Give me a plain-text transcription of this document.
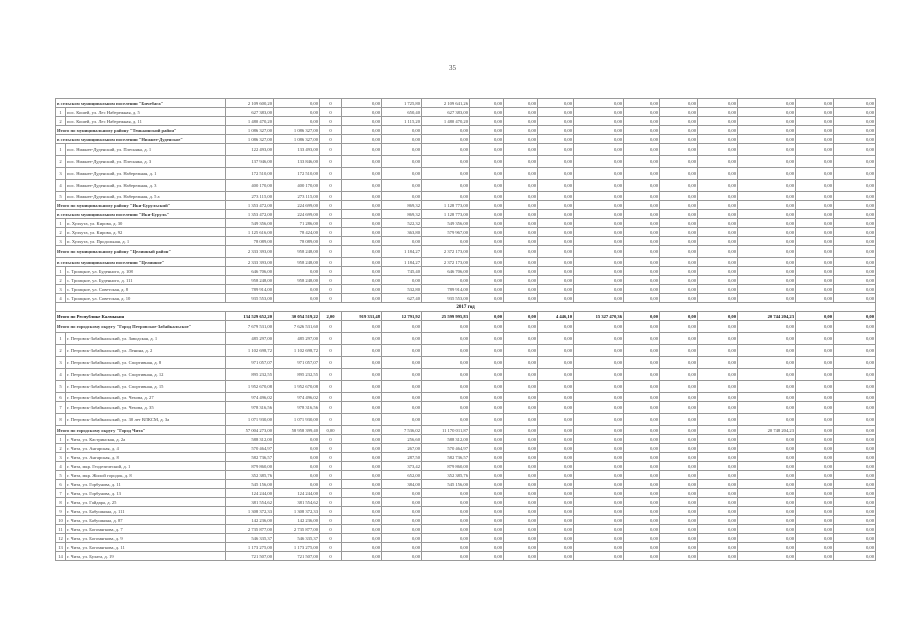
35
в сельском муниципальном поселении "Бичебага"		2 109 600,20	0,00	0	0,00	1 725,80	2 109 641,26	0,00	0,00	0,00	0,00	0,00	0,00	0,00	0,00	0,00	0,00
1	пос. Кошей, ул. Лес Набережная, д. 5	627 383,00	0,00	0	0,00	650,40	627 383,00	0,00	0,00	0,00	0,00	0,00	0,00	0,00	0,00	0,00	0,00
2	пос. Кошей, ул. Лес Набережная, д. 11	1 480 470,20	0,00	0	0,00	1 115,20	1 480 470,20	0,00	0,00	0,00	0,00	0,00	0,00	0,00	0,00	0,00	0,00
Итого по муниципальному району "Тенькинский район"		1 086 327,00	1 086 327,00	0	0,00	0,00	0,00	0,00	0,00	0,00	0,00	0,00	0,00	0,00	0,00	0,00	0,00
в сельском муниципальном поселении "Нижнее-Дуденское"		1 086 327,00	1 086 327,00	0	0,00	0,00	0,00	0,00	0,00	0,00	0,00	0,00	0,00	0,00	0,00	0,00	0,00
1	пос. Нижнее-Дуденский, ул. Плесняка, д. 1	122 493,00	133 493,00	0	0,00	0,00	0,00	0,00	0,00	0,00	0,00	0,00	0,00	0,00	0,00	0,00	0,00
2	пос. Нижнее-Дуденский, ул. Плесняка, д. 3	137 946,00	133 846,00	0	0,00	0,00	0,00	0,00	0,00	0,00	0,00	0,00	0,00	0,00	0,00	0,00	0,00
3	пос. Нижнее-Дуденский, ул. Набережная, д. 1	172 510,00	172 510,00	0	0,00	0,00	0,00	0,00	0,00	0,00	0,00	0,00	0,00	0,00	0,00	0,00	0,00
4	пос. Нижнее-Дуденский, ул. Набережная, д. 3	400 170,00	400 170,00	0	0,00	0,00	0,00	0,00	0,00	0,00	0,00	0,00	0,00	0,00	0,00	0,00	0,00
5	пос. Нижнее-Дуденский, ул. Набережная, д. 5 а	273 115,00	273 115,00	0	0,00	0,00	0,00	0,00	0,00	0,00	0,00	0,00	0,00	0,00	0,00	0,00	0,00
Итого по муниципальному району "Ики-Бурульский"		1 353 472,00	224 699,00	0	0,00	869,32	1 128 773,00	0,00	0,00	0,00	0,00	0,00	0,00	0,00	0,00	0,00	0,00
в сельском муниципальном поселении "Ики-Буруль"		1 353 472,00	224 699,00	0	0,00	869,32	1 128 773,00	0,00	0,00	0,00	0,00	0,00	0,00	0,00	0,00	0,00	0,00
1	п. Хулхута, ул. Кирова, д. 30	549 356,00	71 286,00	0	0,00	522,32	549 356,00	0,00	0,00	0,00	0,00	0,00	0,00	0,00	0,00	0,00	0,00
2	п. Хулхута, ул. Кирова, д. 92	1 125 616,00	78 424,00	0	0,00	363,80	579 967,00	0,00	0,00	0,00	0,00	0,00	0,00	0,00	0,00	0,00	0,00
3	п. Хулхута, ул. Продольная, д. 1	78 089,00	78 089,00	0	0,00	0,00	0,00	0,00	0,00	0,00	0,00	0,00	0,00	0,00	0,00	0,00	0,00
Итого по муниципальному району "Целинный район"		2 333 393,00	958 248,00	0	0,00	1 184,27	2 372 173,00	0,00	0,00	0,00	0,00	0,00	0,00	0,00	0,00	0,00	0,00
в сельском муниципальном поселении "Целинное"		2 333 393,00	958 248,00	0	0,00	1 184,27	2 372 173,00	0,00	0,00	0,00	0,00	0,00	0,00	0,00	0,00	0,00	0,00
1	с. Троицкое, ул. Буденного, д. 108	646 706,00	0,00	0	0,00	745,40	646 706,00	0,00	0,00	0,00	0,00	0,00	0,00	0,00	0,00	0,00	0,00
2	с. Троицкое, ул. Буденного, д. 111	958 248,00	958 248,00	0	0,00	0,00	0,00	0,00	0,00	0,00	0,00	0,00	0,00	0,00	0,00	0,00	0,00
3	с. Троицкое, ул. Советская, д. 8	789 914,00	0,00	0	0,00	532,80	789 914,00	0,00	0,00	0,00	0,00	0,00	0,00	0,00	0,00	0,00	0,00
4	с. Троицкое, ул. Советская, д. 10	935 553,00	0,00	0	0,00	627,40	935 553,00	0,00	0,00	0,00	0,00	0,00	0,00	0,00	0,00	0,00	0,00
2017 год																	
Итого по Республике Калмыкия		134 529 652,20	30 054 519,22	2,00	919 331,48	12 791,92	25 599 995,83	0,00	0,00	4 446,10	15 327 470,36	0,00	0,00	0,00	20 744 204,23	0,00	0,00
Итого по городскому округу "Город Петровское-Забайкальское"		7 679 531,00	7 626 531,60	0	0,00	0,00	0,00	0,00	0,00	0,00	0,00	0,00	0,00	0,00	0,00	0,00	0,00
1	г. Петровск-Забайкальский, ул. Заводская, д. 1	485 297,00	485 297,00	0	0,00	0,00	0,00	0,00	0,00	0,00	0,00	0,00	0,00	0,00	0,00	0,00	0,00
2	г. Петровск-Забайкальский, ул. Ленина, д. 2	1 102 698,72	1 102 698,72	0	0,00	0,00	0,00	0,00	0,00	0,00	0,00	0,00	0,00	0,00	0,00	0,00	0,00
3	г. Петровск-Забайкальский, ул. Спортивная, д. 8	971 057,07	971 057,07	0	0,00	0,00	0,00	0,00	0,00	0,00	0,00	0,00	0,00	0,00	0,00	0,00	0,00
4	г. Петровск-Забайкальский, ул. Спортивная, д. 12	895 232,55	895 232,55	0	0,00	0,00	0,00	0,00	0,00	0,00	0,00	0,00	0,00	0,00	0,00	0,00	0,00
5	г. Петровск-Забайкальский, ул. Спортивная, д. 15	1 952 670,08	1 952 670,08	0	0,00	0,00	0,00	0,00	0,00	0,00	0,00	0,00	0,00	0,00	0,00	0,00	0,00
6	г. Петровск-Забайкальский, ул. Чехова, д. 27	974 496,02	974 496,02	0	0,00	0,00	0,00	0,00	0,00	0,00	0,00	0,00	0,00	0,00	0,00	0,00	0,00
7	г. Петровск-Забайкальский, ул. Чехова, д. 35	978 316,56	978 316,56	0	0,00	0,00	0,00	0,00	0,00	0,00	0,00	0,00	0,00	0,00	0,00	0,00	0,00
8	г. Петровск-Забайкальский, ул. 30 лет ВЛКСМ, д. 3а	1 071 930,00	1 071 930,00	0	0,00	0,00	0,00	0,00	0,00	0,00	0,00	0,00	0,00	0,00	0,00	0,00	0,00
Итого по городскому округу "Город Чита"		57 004 273,00	58 958 399,40	0,00	0,00	7 536,02	11 170 011,87	0,00	0,00	0,00	0,00	0,00	0,00	0,00	20 748 204,23	0,00	0,00
1	г. Чита, ул. Кастринская, д. 2а	588 312,00	0,00	0	0,00	256,60	588 312,00	0,00	0,00	0,00	0,00	0,00	0,00	0,00	0,00	0,00	0,00
2	г. Чита, ул. Ангарская, д. 4	570 464,97	0,00	0	0,00	267,00	570 464,97	0,00	0,00	0,00	0,00	0,00	0,00	0,00	0,00	0,00	0,00
3	г. Чита, ул. Ангарская, д. 8	582 736,57	0,00	0	0,00	287,50	582 736,57	0,00	0,00	0,00	0,00	0,00	0,00	0,00	0,00	0,00	0,00
4	г. Чита, мкр. Геодезический, д. 1	879 860,00	0,00	0	0,00	373,42	879 860,00	0,00	0,00	0,00	0,00	0,00	0,00	0,00	0,00	0,00	0,00
5	г. Чита, мкр. Жилой городок, д. 8	352 385,76	0,00	0	0,00	652,00	352 385,76	0,00	0,00	0,00	0,00	0,00	0,00	0,00	0,00	0,00	0,00
6	г. Чита, ул. Горбунова, д. 11	545 156,00	0,00	0	0,00	384,00	545 156,00	0,00	0,00	0,00	0,00	0,00	0,00	0,00	0,00	0,00	0,00
7	г. Чита, ул. Горбунова, д. 13	124 244,00	124 244,00	0	0,00	0,00	0,00	0,00	0,00	0,00	0,00	0,00	0,00	0,00	0,00	0,00	0,00
8	г. Чита, ул. Гайдара, д. 25	381 554,62	381 554,62	0	0,00	0,00	0,00	0,00	0,00	0,00	0,00	0,00	0,00	0,00	0,00	0,00	0,00
9	г. Чита, ул. Бабушкина, д. 111	1 308 372,33	1 308 372,33	0	0,00	0,00	0,00	0,00	0,00	0,00	0,00	0,00	0,00	0,00	0,00	0,00	0,00
10	г. Чита, ул. Бабушкина, д. 87	142 236,00	142 236,00	0	0,00	0,00	0,00	0,00	0,00	0,00	0,00	0,00	0,00	0,00	0,00	0,00	0,00
11	г. Чита, ул. Богомягкова, д. 7	2 735 877,00	2 735 877,00	0	0,00	0,00	0,00	0,00	0,00	0,00	0,00	0,00	0,00	0,00	0,00	0,00	0,00
12	г. Чита, ул. Богомягкова, д. 9	546 335,37	546 335,37	0	0,00	0,00	0,00	0,00	0,00	0,00	0,00	0,00	0,00	0,00	0,00	0,00	0,00
13	г. Чита, ул. Богомягкова, д. 11	1 173 275,00	1 173 275,00	0	0,00	0,00	0,00	0,00	0,00	0,00	0,00	0,00	0,00	0,00	0,00	0,00	0,00
14	г. Чита, ул. Булата, д. 19	721 507,00	721 507,00	0	0,00	0,00	0,00	0,00	0,00	0,00	0,00	0,00	0,00	0,00	0,00	0,00	0,00
